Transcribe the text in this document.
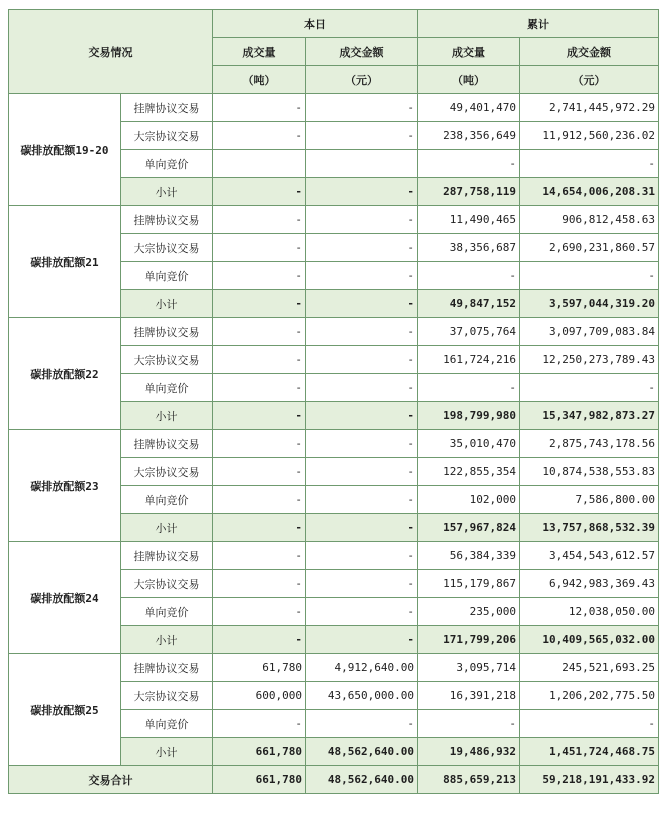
交易情况		本日		累计	
		成交量	成交金额	成交量	成交金额
		（吨）	（元）	（吨）	（元）
碳排放配额19-20	挂牌协议交易	-	-	49,401,470	2,741,445,972.29
	大宗协议交易	-	-	238,356,649	11,912,560,236.02
	单向竞价			-	-
	小计	-	-	287,758,119	14,654,006,208.31
碳排放配额21	挂牌协议交易	-	-	11,490,465	906,812,458.63
	大宗协议交易	-	-	38,356,687	2,690,231,860.57
	单向竞价	-	-	-	-
	小计	-	-	49,847,152	3,597,044,319.20
碳排放配额22	挂牌协议交易	-	-	37,075,764	3,097,709,083.84
	大宗协议交易	-	-	161,724,216	12,250,273,789.43
	单向竞价	-	-	-	-
	小计	-	-	198,799,980	15,347,982,873.27
碳排放配额23	挂牌协议交易	-	-	35,010,470	2,875,743,178.56
	大宗协议交易	-	-	122,855,354	10,874,538,553.83
	单向竞价	-	-	102,000	7,586,800.00
	小计	-	-	157,967,824	13,757,868,532.39
碳排放配额24	挂牌协议交易	-	-	56,384,339	3,454,543,612.57
	大宗协议交易	-	-	115,179,867	6,942,983,369.43
	单向竞价	-	-	235,000	12,038,050.00
	小计	-	-	171,799,206	10,409,565,032.00
碳排放配额25	挂牌协议交易	61,780	4,912,640.00	3,095,714	245,521,693.25
	大宗协议交易	600,000	43,650,000.00	16,391,218	1,206,202,775.50
	单向竞价	-	-	-	-
	小计	661,780	48,562,640.00	19,486,932	1,451,724,468.75
交易合计		661,780	48,562,640.00	885,659,213	59,218,191,433.92
